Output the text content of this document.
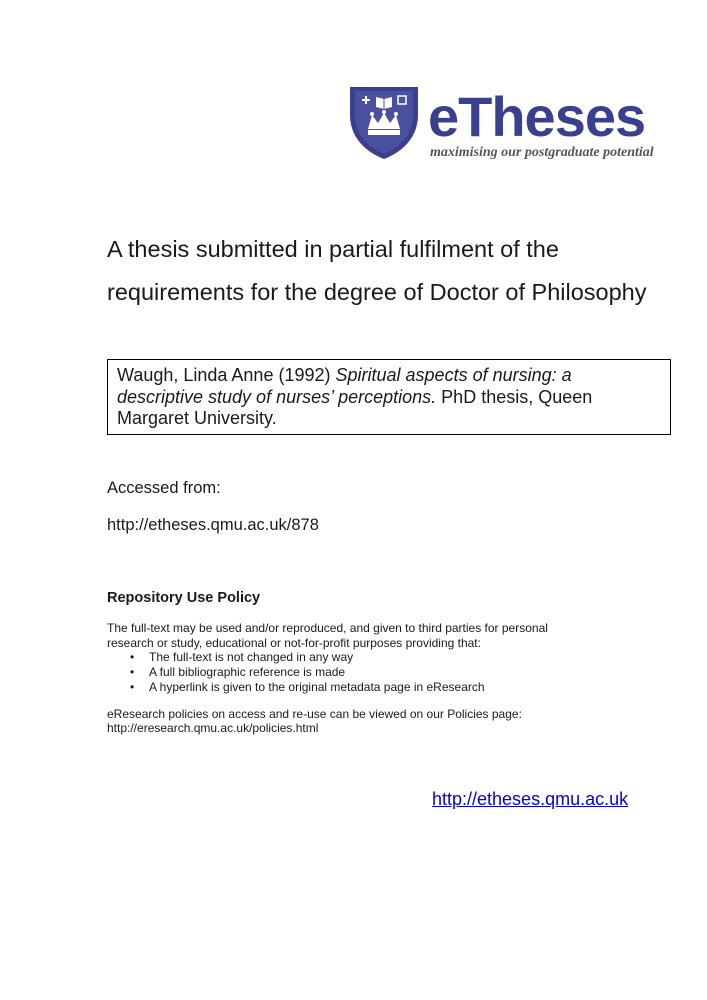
eTheses
maximising our postgraduate potential
A thesis submitted in partial fulfilment of the
requirements for the degree of Doctor of Philosophy
Waugh, Linda Anne (1992) Spiritual aspects of nursing: a descriptive study of nurses’ perceptions. PhD thesis, Queen Margaret University.
Accessed from:
http://etheses.qmu.ac.uk/878
Repository Use Policy
The full-text may be used and/or reproduced, and given to third parties for personal research or study, educational or not-for-profit purposes providing that:
• The full-text is not changed in any way
• A full bibliographic reference is made
• A hyperlink is given to the original metadata page in eResearch
eResearch policies on access and re-use can be viewed on our Policies page:
http://eresearch.qmu.ac.uk/policies.html
http://etheses.qmu.ac.uk
